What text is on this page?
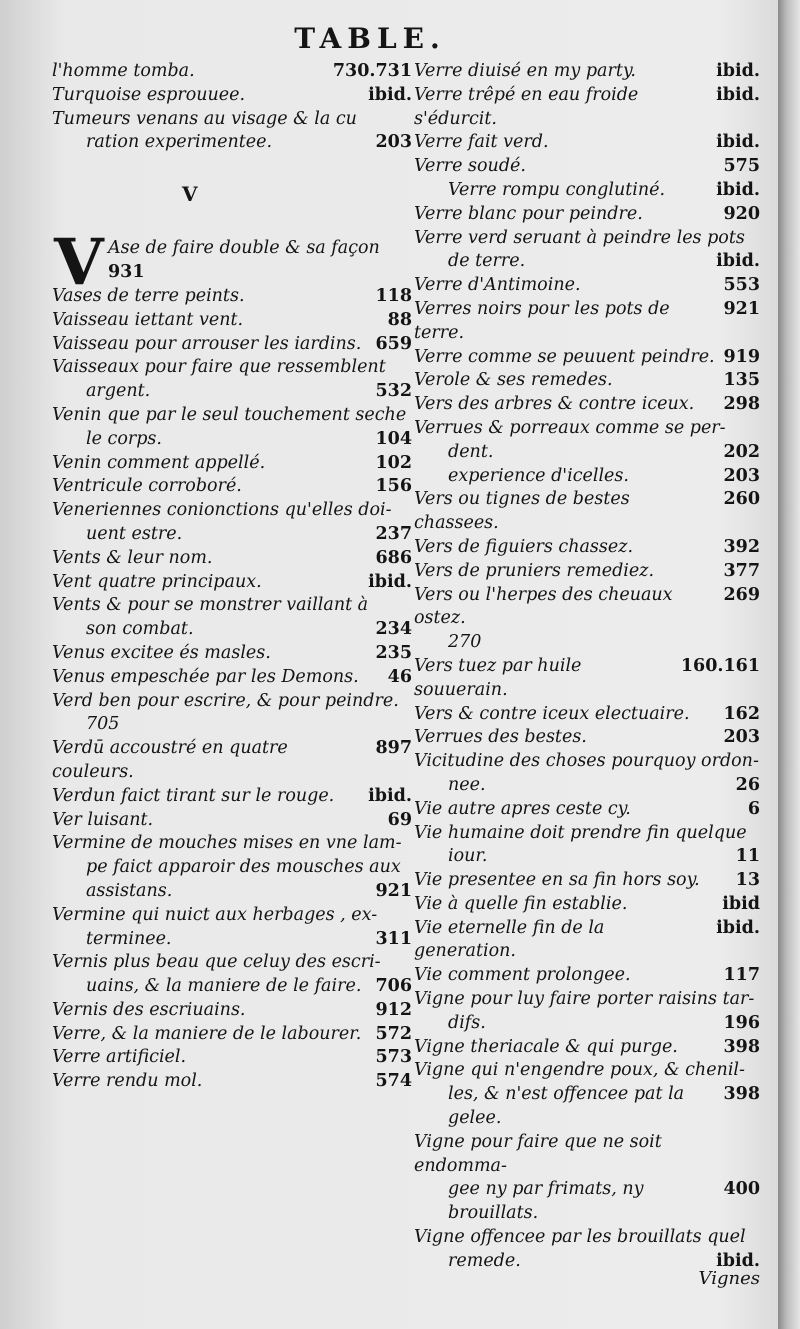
TABLE.
730.731
l'homme tomba.
ibid.
Turquoise esprouuee.
Tumeurs venans au visage & la cu
203
ration experimentee.
V
V Ase de faire double & sa façon
931
118
Vases de terre peints.
88
Vaisseau iettant vent.
659
Vaisseau pour arrouser les iardins.
Vaisseaux pour faire que ressemblent
532
argent.
Venin que par le seul touchement seche
104
le corps.
102
Venin comment appellé.
156
Ventricule corroboré.
Veneriennes conionctions qu'elles doi-
237
uent estre.
686
Vents & leur nom.
ibid.
Vent quatre principaux.
Vents & pour se monstrer vaillant à
234
son combat.
235
Venus excitee és masles.
46
Venus empeschée par les Demons.
Verd ben pour escrire, & pour peindre.
705
897
Verdū accoustré en quatre couleurs.
ibid.
Verdun faict tirant sur le rouge.
69
Ver luisant.
Vermine de mouches mises en vne lam-
pe faict apparoir des mousches aux
921
assistans.
Vermine qui nuict aux herbages , ex-
311
terminee.
Vernis plus beau que celuy des escri-
706
uains, & la maniere de le faire.
912
Vernis des escriuains.
572
Verre, & la maniere de le labourer.
573
Verre artificiel.
574
Verre rendu mol.
ibid.
Verre diuisé en my party.
ibid.
Verre trêpé en eau froide s'édurcit.
ibid.
Verre fait verd.
575
Verre soudé.
ibid.
Verre rompu conglutiné.
920
Verre blanc pour peindre.
Verre verd seruant à peindre les pots
ibid.
de terre.
553
Verre d'Antimoine.
921
Verres noirs pour les pots de terre.
919
Verre comme se peuuent peindre.
135
Verole & ses remedes.
298
Vers des arbres & contre iceux.
Verrues & porreaux comme se per-
202
dent.
203
experience d'icelles.
260
Vers ou tignes de bestes chassees.
392
Vers de figuiers chassez.
377
Vers de pruniers remediez.
269
Vers ou l'herpes des cheuaux ostez.
270
160.161
Vers tuez par huile souuerain.
162
Vers & contre iceux electuaire.
203
Verrues des bestes.
Vicitudine des choses pourquoy ordon-
26
nee.
6
Vie autre apres ceste cy.
Vie humaine doit prendre fin quelque
11
iour.
13
Vie presentee en sa fin hors soy.
ibid
Vie à quelle fin establie.
ibid.
Vie eternelle fin de la generation.
117
Vie comment prolongee.
Vigne pour luy faire porter raisins tar-
196
difs.
398
Vigne theriacale & qui purge.
Vigne qui n'engendre poux, & chenil-
398
les, & n'est offencee pat la gelee.
Vigne pour faire que ne soit endomma-
400
gee ny par frimats, ny brouillats.
Vigne offencee par les brouillats quel
ibid.
remede.
Vignes
